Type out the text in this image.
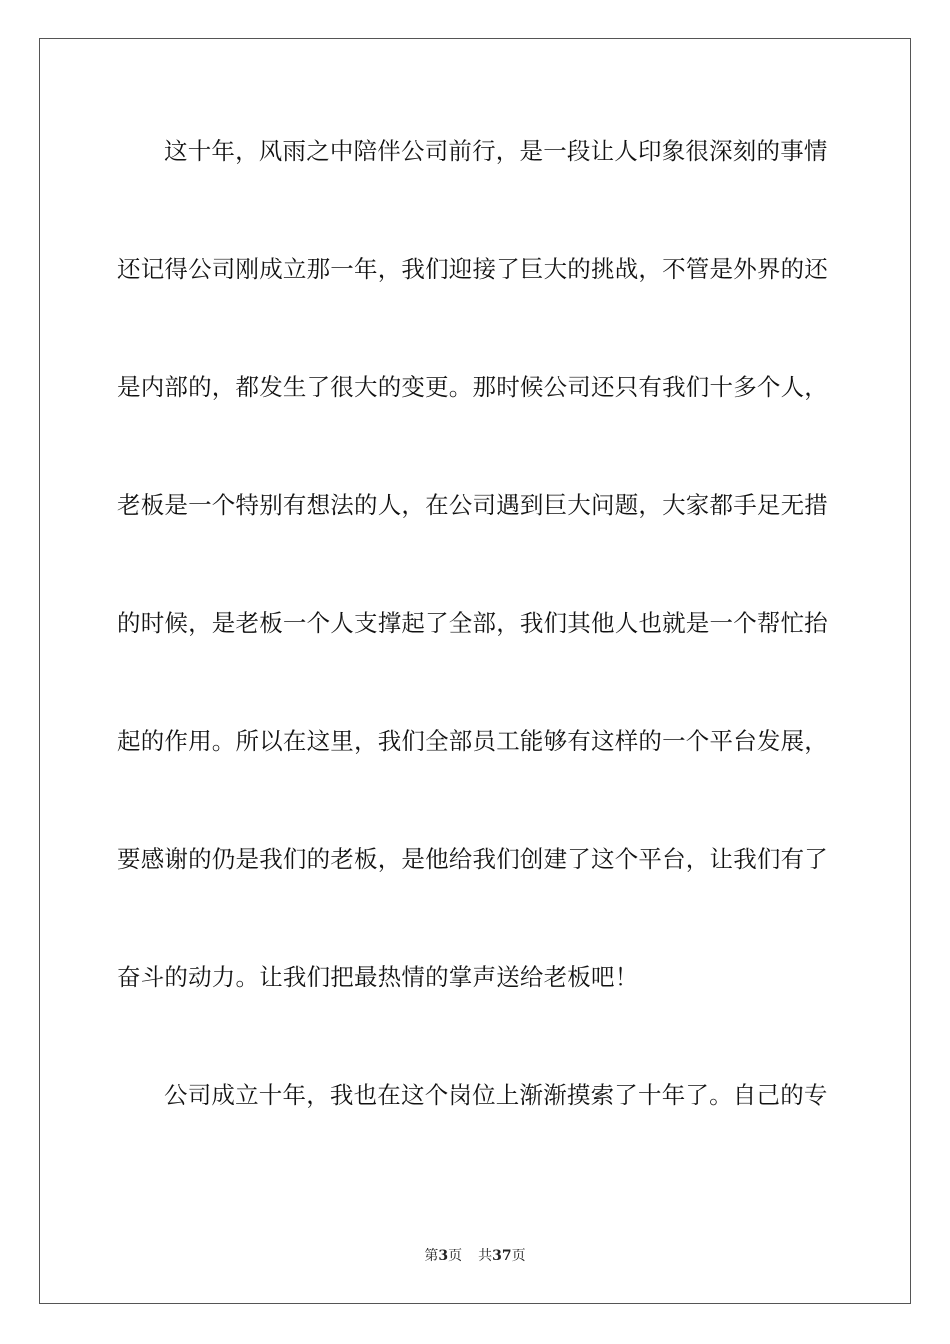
这十年，风雨之中陪伴公司前行，是一段让人印象很深刻的事情

还记得公司刚成立那一年，我们迎接了巨大的挑战，不管是外界的还

是内部的，都发生了很大的变更。那时候公司还只有我们十多个人，

老板是一个特别有想法的人，在公司遇到巨大问题，大家都手足无措

的时候，是老板一个人支撑起了全部，我们其他人也就是一个帮忙抬

起的作用。所以在这里，我们全部员工能够有这样的一个平台发展，

要感谢的仍是我们的老板，是他给我们创建了这个平台，让我们有了

奋斗的动力。让我们把最热情的掌声送给老板吧！

公司成立十年，我也在这个岗位上渐渐摸索了十年了。自己的专

第3页 共37页
